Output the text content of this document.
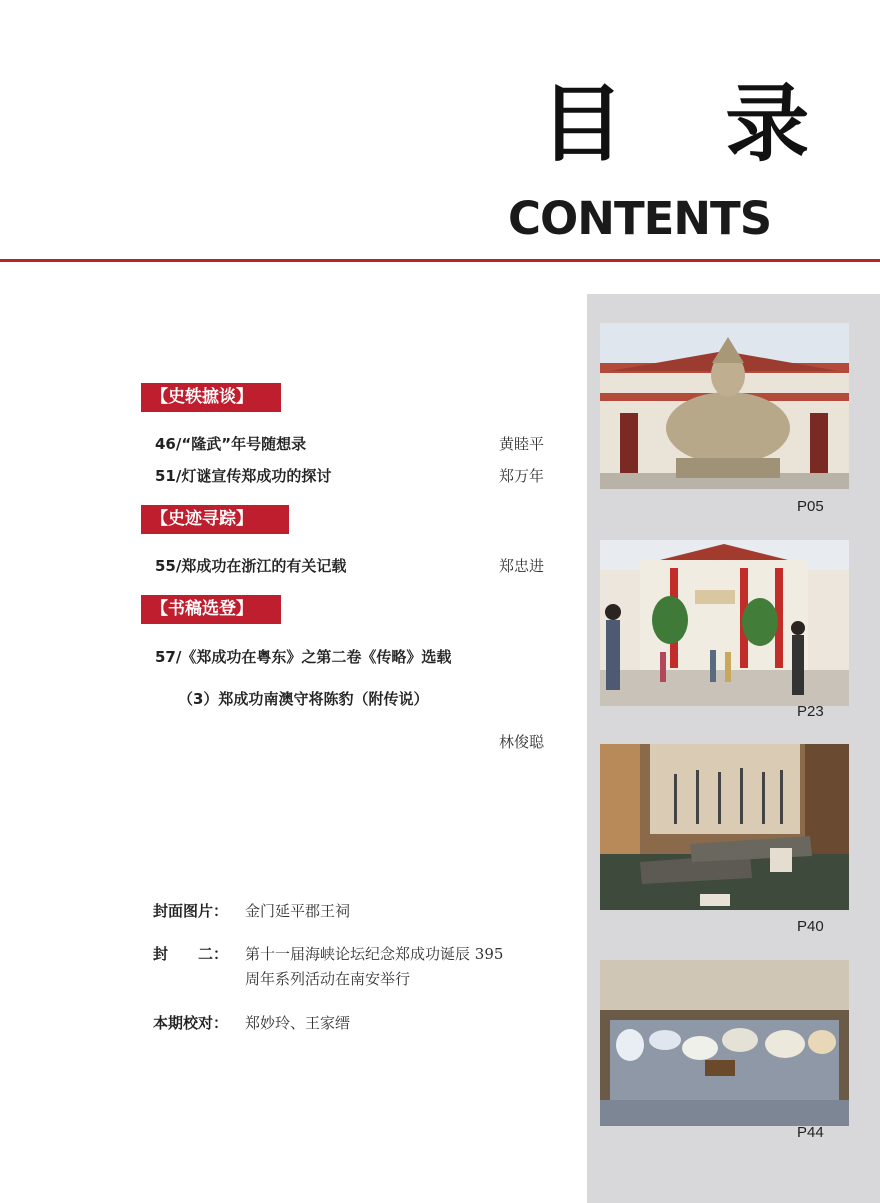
目 录
CONTENTS
P05
P23
P40
P44
【史轶摭谈】
46/“隆武”年号随想录	黄睦平
51/灯谜宣传郑成功的探讨	郑万年
【史迹寻踪】
55/郑成功在浙江的有关记载	郑忠进
【书稿选登】
57/《郑成功在粤东》之第二卷《传略》选载
（3）郑成功南澳守将陈豹（附传说）
林俊聪
封面图片： 金门延平郡王祠
封　　二： 第十一届海峡论坛纪念郑成功诞辰 395
周年系列活动在南安举行
本期校对： 郑妙玲、王家缙
